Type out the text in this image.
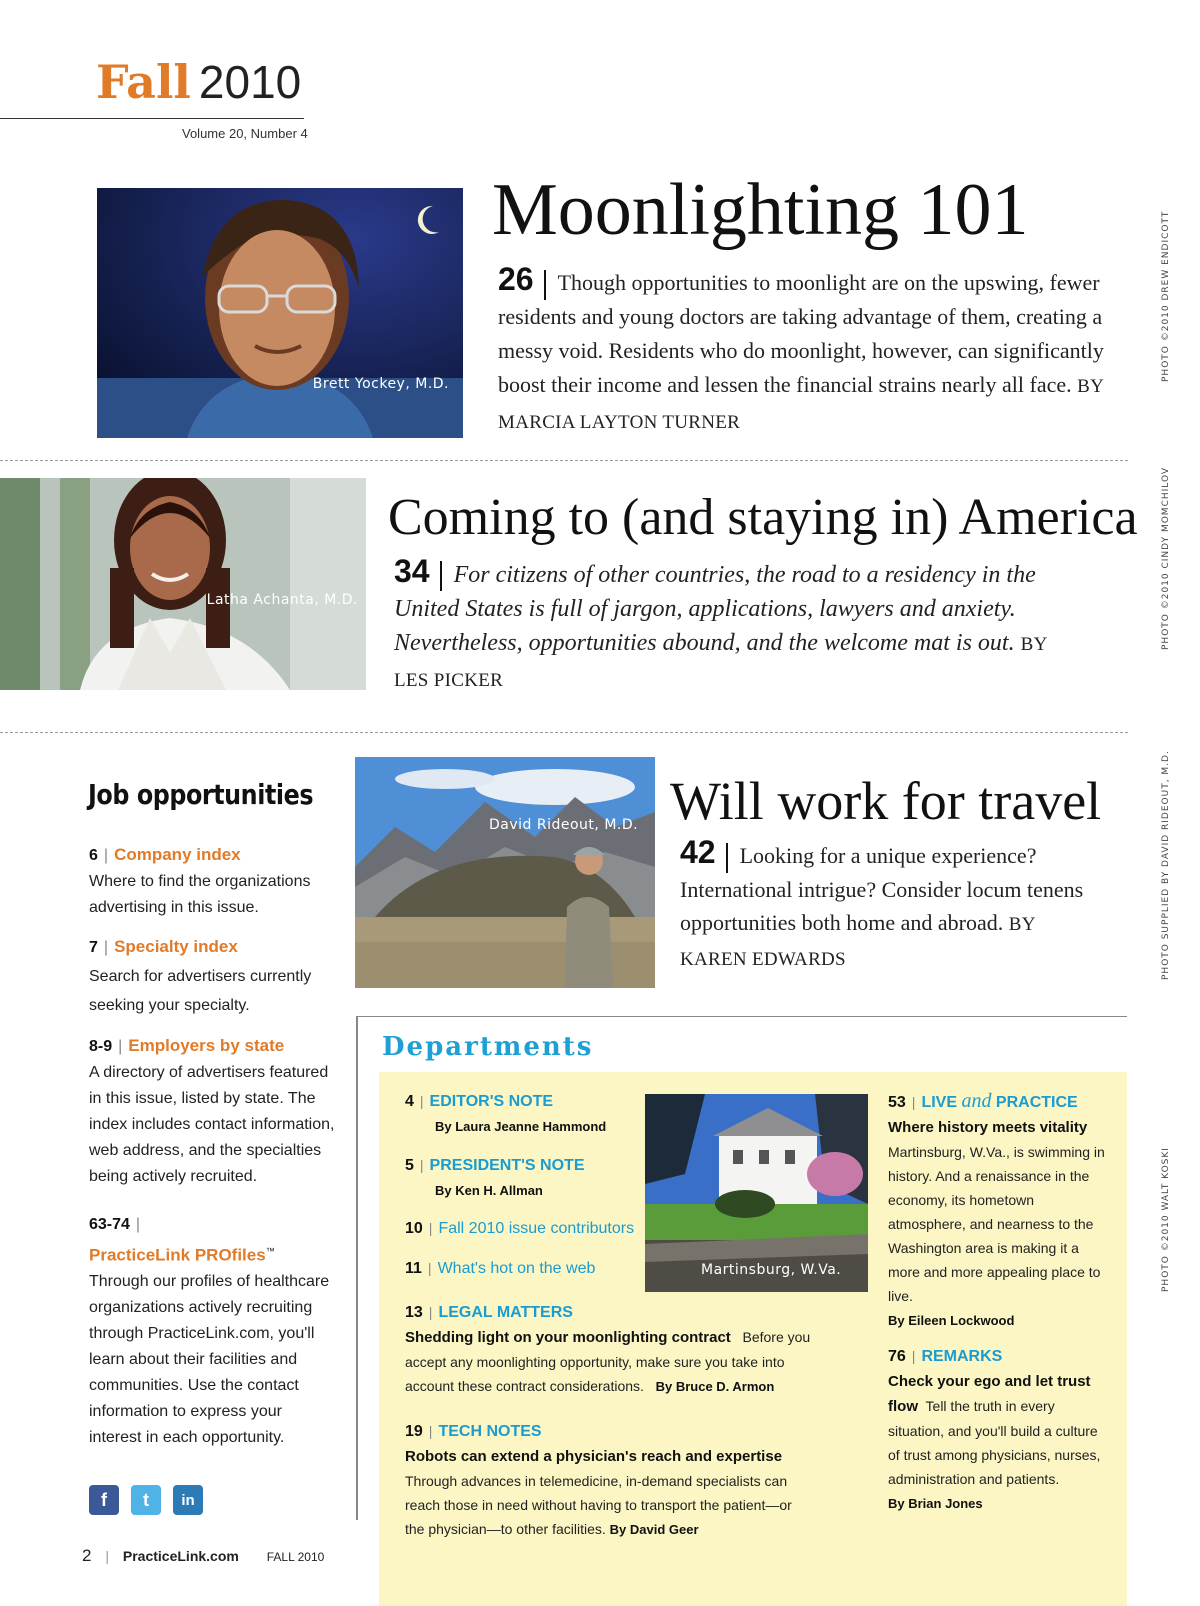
Fall 2010
Volume 20, Number 4
Brett Yockey, M.D.
Moonlighting 101
26 Though opportunities to moonlight are on the upswing, fewer residents and young doctors are taking advantage of them, creating a messy void. Residents who do moonlight, however, can significantly boost their income and lessen the financial strains nearly all face. BY MARCIA LAYTON TURNER
PHOTO ©2010 DREW ENDICOTT
Latha Achanta, M.D.
Coming to (and staying in) America
34 For citizens of other countries, the road to a residency in the United States is full of jargon, applications, lawyers and anxiety. Nevertheless, opportunities abound, and the welcome mat is out. BY LES PICKER
PHOTO ©2010 CINDY MOMCHILOV
Job opportunities
6 | Company index
Where to find the organizations advertising in this issue.
7 | Specialty index
Search for advertisers currently seeking your specialty.
8-9 | Employers by state
A directory of advertisers featured in this issue, listed by state. The index includes contact information, web address, and the specialties being actively recruited.
63-74 |
PracticeLink PROfiles™
Through our profiles of healthcare organizations actively recruiting through PracticeLink.com, you'll learn about their facilities and communities. Use the contact information to express your interest in each opportunity.
f	t	in
David Rideout, M.D. Will work for travel
42 Looking for a unique experience? International intrigue? Consider locum tenens opportunities both home and abroad. BY KAREN EDWARDS	PHOTO SUPPLIED BY DAVID RIDEOUT, M.D.
Departments
Martinsburg, W.Va.
4 | EDITOR'S NOTE
By Laura Jeanne Hammond
5 | PRESIDENT'S NOTE
By Ken H. Allman
10 | Fall 2010 issue contributors
11 | What's hot on the web
13 | LEGAL MATTERS
Shedding light on your moonlighting contract Before you accept any moonlighting opportunity, make sure you take into account these contract considerations. By Bruce D. Armon
19 | TECH NOTES
Robots can extend a physician's reach and expertise
Through advances in telemedicine, in-demand specialists can reach those in need without having to transport the patient—or the physician—to other facilities. By David Geer
53 | LIVE and PRACTICE
Where history meets vitality
Martinsburg, W.Va., is swimming in history. And a renaissance in the economy, its hometown atmosphere, and nearness to the Washington area is making it a more and more appealing place to live.
By Eileen Lockwood
76 | REMARKS
Check your ego and let trust flow Tell the truth in every situation, and you'll build a culture of trust among physicians, nurses, administration and patients.
By Brian Jones
PHOTO ©2010 WALT KOSKI
2 | PracticeLink.com FALL 2010
